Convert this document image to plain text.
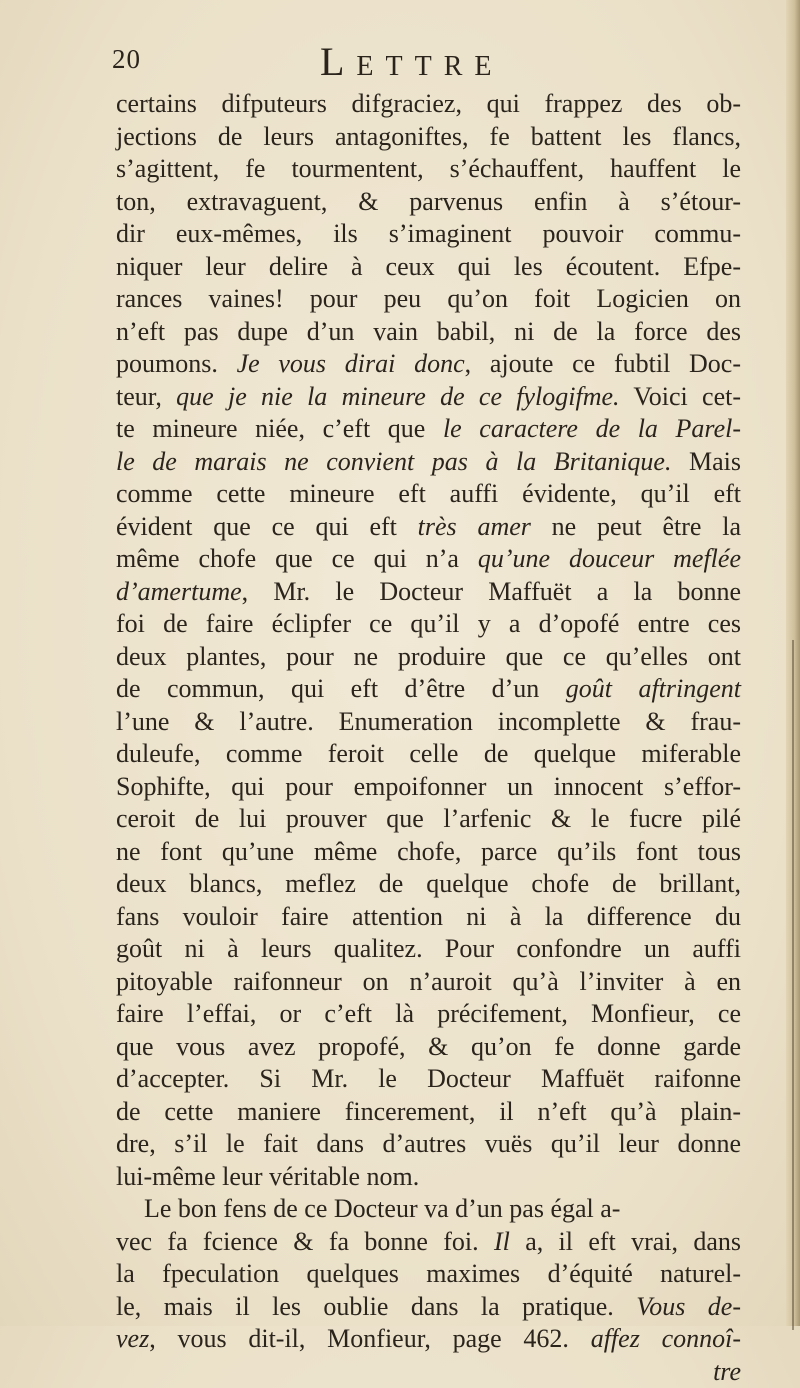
20	Lettre
certains difputeurs difgraciez, qui frappez des ob-
jections de leurs antagoniftes, fe battent les flancs,
s’agittent, fe tourmentent, s’échauffent, hauffent le
ton, extravaguent, & parvenus enfin à s’étour-
dir eux-mêmes, ils s’imaginent pouvoir commu-
niquer leur delire à ceux qui les écoutent. Efpe-
rances vaines! pour peu qu’on foit Logicien on
n’eft pas dupe d’un vain babil, ni de la force des
poumons. Je vous dirai donc, ajoute ce fubtil Doc-
teur, que je nie la mineure de ce fylogifme. Voici cet-
te mineure niée, c’eft que le caractere de la Parel-
le de marais ne convient pas à la Britanique. Mais
comme cette mineure eft auffi évidente, qu’il eft
évident que ce qui eft très amer ne peut être la
même chofe que ce qui n’a qu’une douceur meflée
d’amertume, Mr. le Docteur Maffuët a la bonne
foi de faire éclipfer ce qu’il y a d’opofé entre ces
deux plantes, pour ne produire que ce qu’elles ont
de commun, qui eft d’être d’un goût aftringent
l’une & l’autre. Enumeration incomplette & frau-
duleufe, comme feroit celle de quelque miferable
Sophifte, qui pour empoifonner un innocent s’effor-
ceroit de lui prouver que l’arfenic & le fucre pilé
ne font qu’une même chofe, parce qu’ils font tous
deux blancs, meflez de quelque chofe de brillant,
fans vouloir faire attention ni à la difference du
goût ni à leurs qualitez. Pour confondre un auffi
pitoyable raifonneur on n’auroit qu’à l’inviter à en
faire l’effai, or c’eft là précifement, Monfieur, ce
que vous avez propofé, & qu’on fe donne garde
d’accepter. Si Mr. le Docteur Maffuët raifonne
de cette maniere fincerement, il n’eft qu’à plain-
dre, s’il le fait dans d’autres vuës qu’il leur donne
lui-même leur véritable nom.
Le bon fens de ce Docteur va d’un pas égal a-
vec fa fcience & fa bonne foi. Il a, il eft vrai, dans
la fpeculation quelques maximes d’équité naturel-
le, mais il les oublie dans la pratique. Vous de-
vez, vous dit-il, Monfieur, page 462. affez connoî-
tre
